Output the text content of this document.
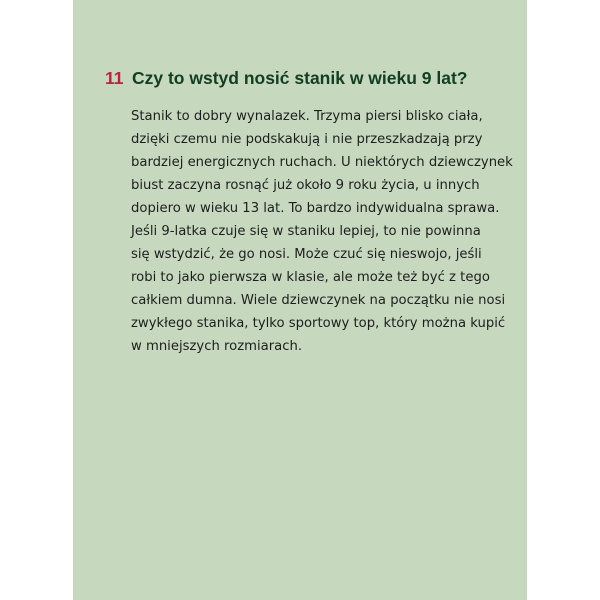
11 Czy to wstyd nosić stanik w wieku 9 lat?

Stanik to dobry wynalazek. Trzyma piersi blisko ciała,
dzięki czemu nie podskakują i nie przeszkadzają przy
bardziej energicznych ruchach. U niektórych dziewczynek
biust zaczyna rosnąć już około 9 roku życia, u innych
dopiero w wieku 13 lat. To bardzo indywidualna sprawa.
Jeśli 9-latka czuje się w staniku lepiej, to nie powinna
się wstydzić, że go nosi. Może czuć się nieswojo, jeśli
robi to jako pierwsza w klasie, ale może też być z tego
całkiem dumna. Wiele dziewczynek na początku nie nosi
zwykłego stanika, tylko sportowy top, który można kupić
w mniejszych rozmiarach.
